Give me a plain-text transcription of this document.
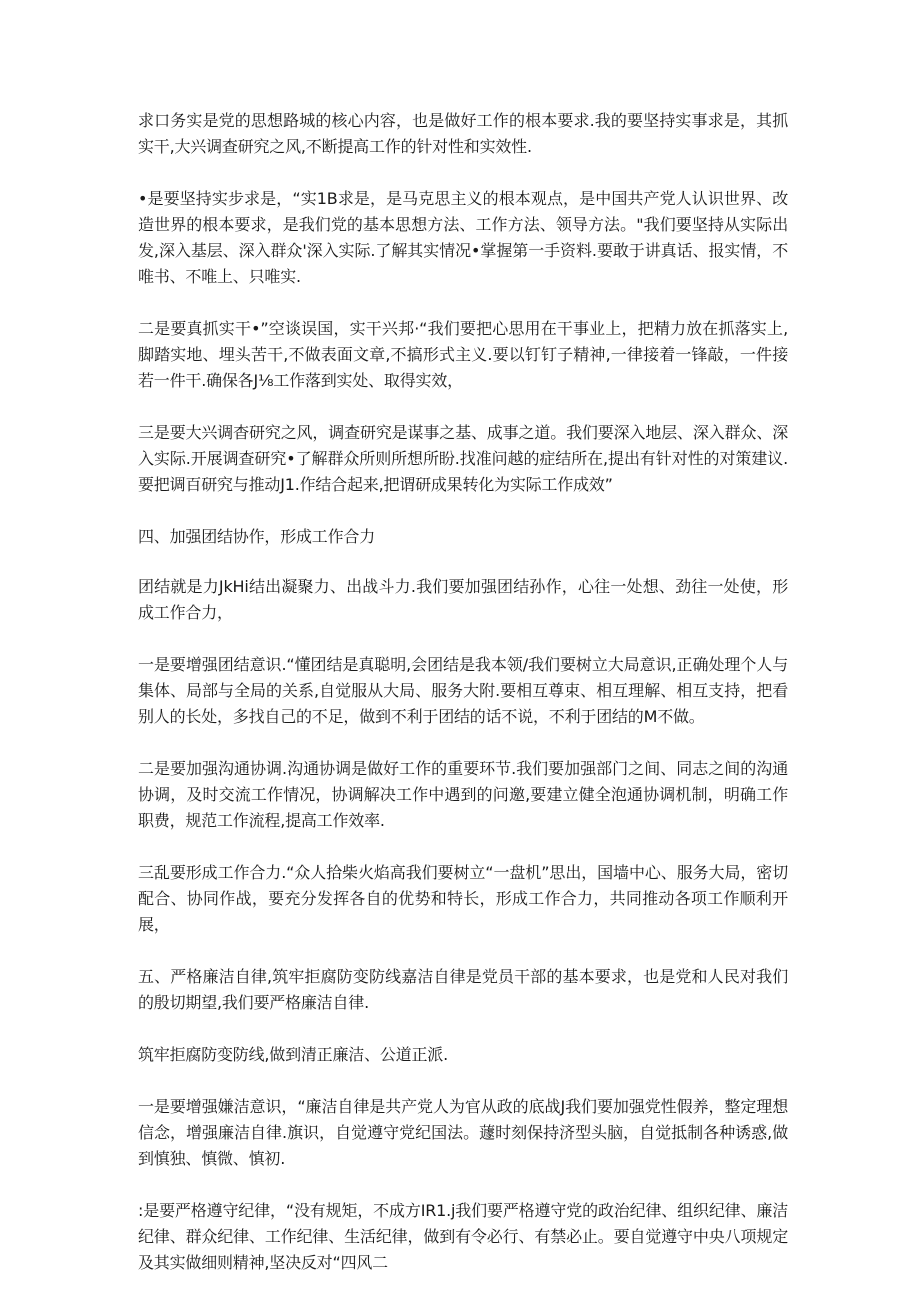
求口务实是党的思想路城的核心内容，也是做好工作的根本要求.我的要坚持实事求是，其抓实干,大兴调查研究之风,不断提高工作的针对性和实效性.

•是要坚持实步求是，“实1B求是，是马克思主义的根本观点，是中国共产党人认识世界、改造世界的根本要求，是我们党的基本思想方法、工作方法、领导方法。"我们要坚持从实际出发,深入基层、深入群众'深入实际.了解其实情况•掌握第一手资料.要敢于讲真话、报实情，不唯书、不唯上、只唯实.

二是要真抓实干•”空谈误国，实干兴邦·“我们要把心思用在干事业上，把精力放在抓落实上,脚踏实地、埋头苦干,不做表面文章,不搞形式主义.要以钉钉子精神,一律接着一锋敲，一件接若一件干.确保各J⅛工作落到实处、取得实效，

三是要大兴调杳研究之风，调查研究是谋事之基、成事之道。我们要深入地层、深入群众、深入实际.开展调查研究•了解群众所则所想所盼.找准问越的症结所在,提出有针对性的对策建议.要把调百研究与推动J1.作结合起来,把谓研成果转化为实际工作成效”

四、加强团结协作，形成工作合力

团结就是力JkHi结出凝聚力、出战斗力.我们要加强团结孙作，心往一处想、劲往一处使，形成工作合力，

一是要增强团结意识.“懂团结是真聪明,会团结是我本领/我们要树立大局意识,正确处理个人与集体、局部与全局的关系,自觉服从大局、服务大附.要相互尊束、相互理解、相互支持，把看别人的长处，多找自己的不足，做到不利于团结的话不说，不利于团结的M不做。

二是要加强沟通协调.沟通协调是做好工作的重要环节.我们要加强部门之间、同志之间的沟通协调，及时交流工作情况，协调解决工作中遇到的问邀,要建立健全泡通协调机制，明确工作职费，规范工作流程,提高工作效率.

三乱要形成工作合力.“众人拾柴火焰高我们要树立“一盘机”思出，国墙中心、服务大局，密切配合、协同作战，要充分发挥各自的优势和特长，形成工作合力，共同推动各项工作顺利开展，

五、严格廉洁自律,筑牢拒腐防变防线嘉洁自律是党员干部的基本要求，也是党和人民对我们的殷切期望,我们要严格廉洁自律.

筑牢拒腐防变防线,做到清正廉洁、公道正派.

一是要增强嫌洁意识，“廉洁自律是共产党人为官从政的底战J我们要加强党性假养，整定理想信念，增强廉洁自律.旗识，自觉遵守党纪国法。蘧时刻保持济型头脑，自觉抵制各种诱惑,做到慎独、慎微、慎初.

:是要严格遵守纪律，“没有规矩，不成方IR1.j我们要严格遵守党的政治纪律、组织纪律、廉洁纪律、群众纪律、工作纪律、生活纪律，做到有令必行、有禁必止。要自觉遵守中央八项规定及其实做细则精神,坚决反对“四风二
